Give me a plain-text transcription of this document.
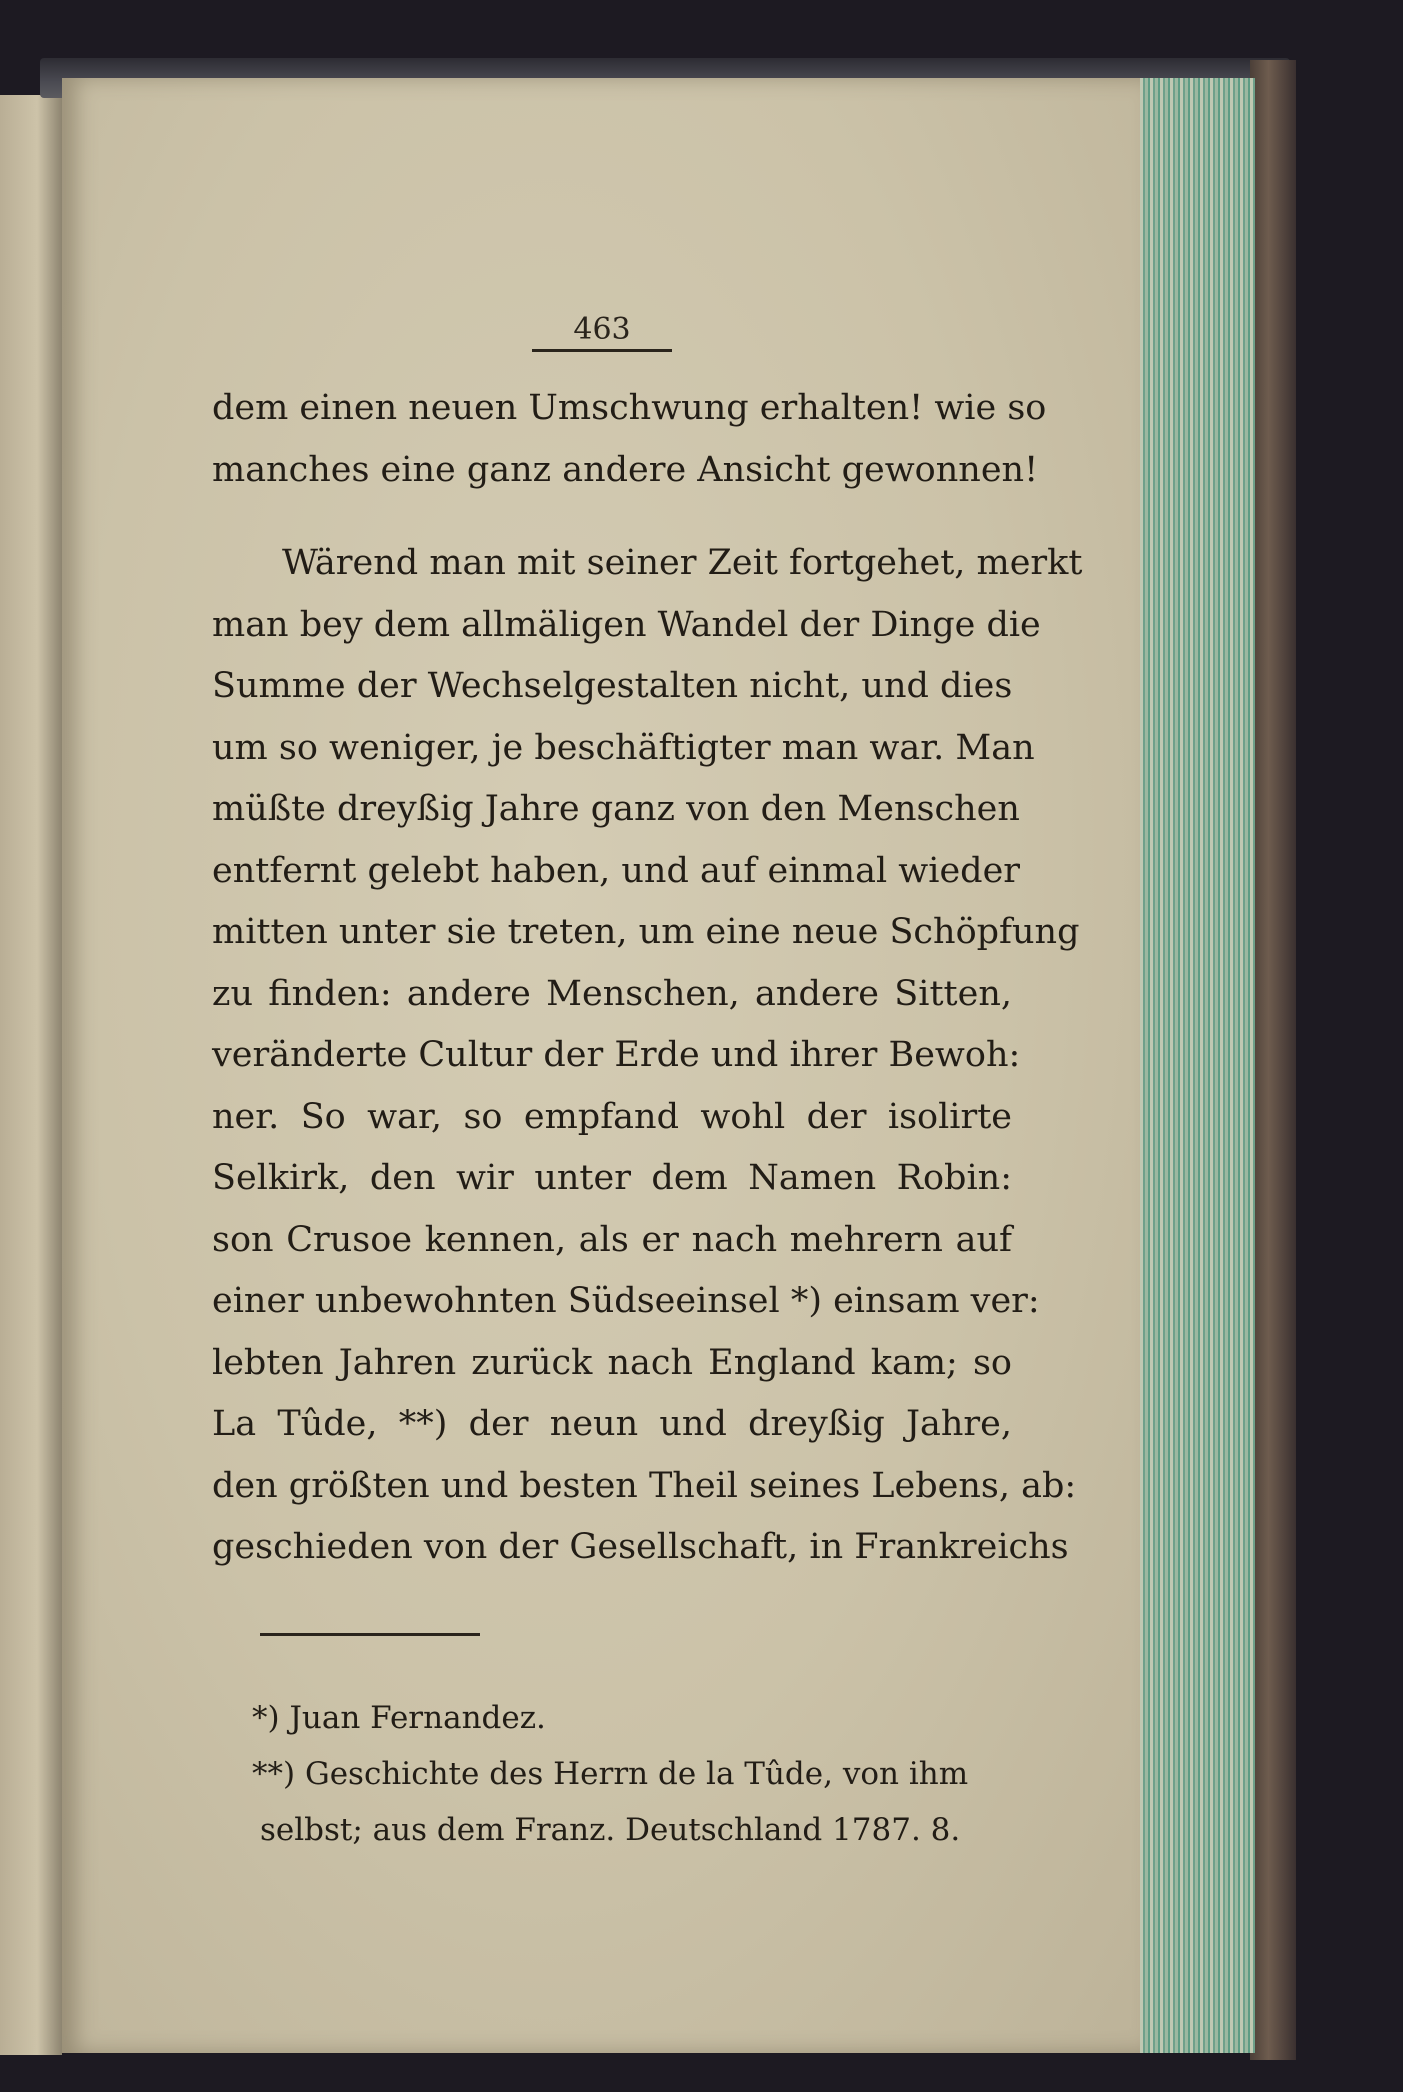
463
dem einen neuen Umschwung erhalten! wie so
manches eine ganz andere Ansicht gewonnen!
Wärend man mit seiner Zeit fortgehet, merkt
man bey dem allmäligen Wandel der Dinge die
Summe der Wechselgestalten nicht, und dies
um so weniger, je beschäftigter man war. Man
müßte dreyßig Jahre ganz von den Menschen
entfernt gelebt haben, und auf einmal wieder
mitten unter sie treten, um eine neue Schöpfung
zu finden: andere Menschen, andere Sitten,
veränderte Cultur der Erde und ihrer Bewoh:
ner. So war, so empfand wohl der isolirte
Selkirk, den wir unter dem Namen Robin:
son Crusoe kennen, als er nach mehrern auf
einer unbewohnten Südseeinsel *) einsam ver:
lebten Jahren zurück nach England kam; so
La Tûde, **) der neun und dreyßig Jahre,
den größten und besten Theil seines Lebens, ab:
geschieden von der Gesellschaft, in Frankreichs
*) Juan Fernandez.
**) Geschichte des Herrn de la Tûde, von ihm
selbst; aus dem Franz. Deutschland 1787. 8.
